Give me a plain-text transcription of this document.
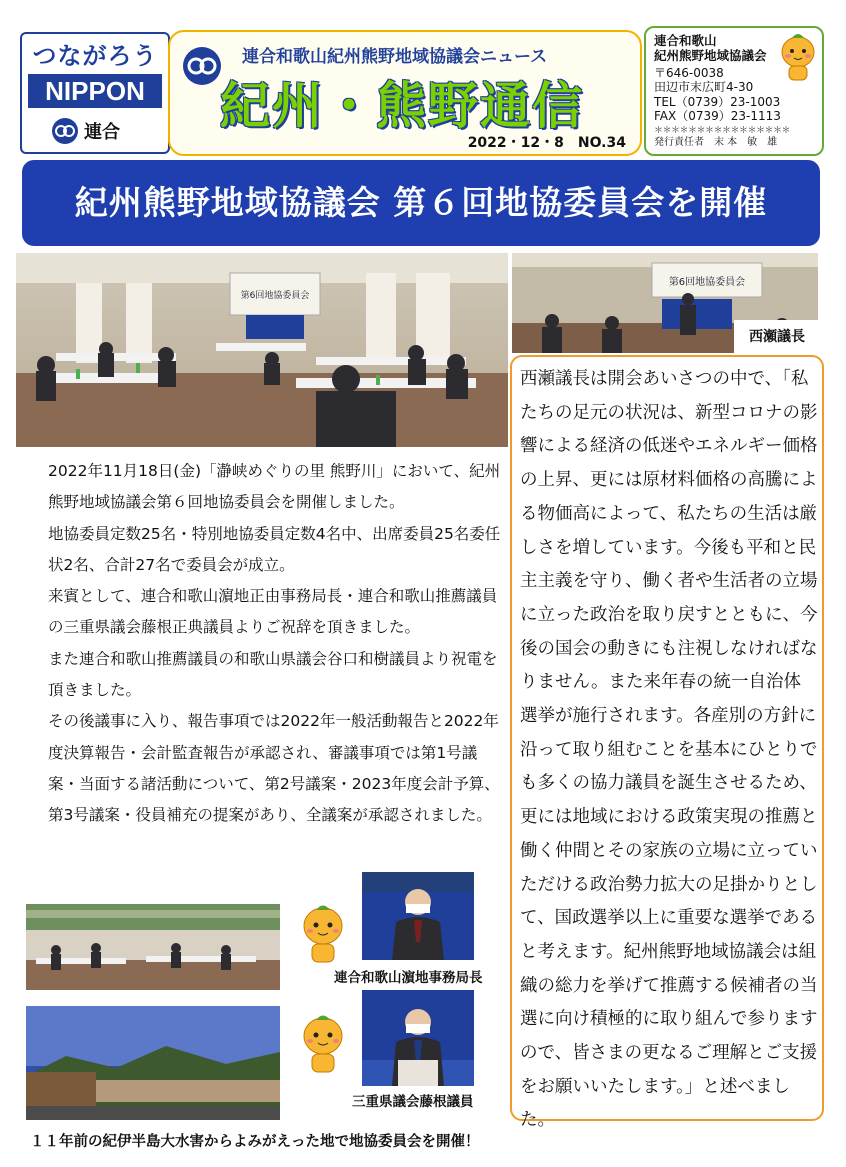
つながろう
NIPPON
連合
連合和歌山紀州熊野地域協議会ニュース
紀州・熊野通信
2022・12・8　NO.34
連合和歌山
紀州熊野地域協議会
〒646-0038
田辺市末広町4-30
TEL（0739）23-1003
FAX（0739）23-1113
＊＊＊＊＊＊＊＊＊＊＊＊＊＊＊＊
発行責任者　末 本　敏　雄
紀州熊野地域協議会 第６回地協委員会を開催
第6回地協委員会
第6回地協委員会
西瀬議長

2022年11月18日(金)「瀞峡めぐりの里 熊野川」において、紀州熊野地域協議会第６回地協委員会を開催しました。

地協委員定数25名・特別地協委員定数4名中、出席委員25名委任状2名、合計27名で委員会が成立。

来賓として、連合和歌山濵地正由事務局長・連合和歌山推薦議員の三重県議会藤根正典議員よりご祝辞を頂きました。

また連合和歌山推薦議員の和歌山県議会谷口和樹議員より祝電を頂きました。

その後議事に入り、報告事項では2022年一般活動報告と2022年度決算報告・会計監査報告が承認され、審議事項では第1号議案・当面する諸活動について、第2号議案・2023年度会計予算、第3号議案・役員補充の提案があり、全議案が承認されました。

西瀬議長は開会あいさつの中で、「私たちの足元の状況は、新型コロナの影響による経済の低迷やエネルギー価格の上昇、更には原材料価格の高騰による物価高によって、私たちの生活は厳しさを増しています。今後も平和と民主主義を守り、働く者や生活者の立場に立った政治を取り戻すとともに、今後の国会の動きにも注視しなければなりません。また来年春の統一自治体選挙が施行されます。各産別の方針に沿って取り組むことを基本にひとりでも多くの協力議員を誕生させるため、更には地域における政策実現の推薦と働く仲間とその家族の立場に立っていただける政治勢力拡大の足掛かりとして、国政選挙以上に重要な選挙であると考えます。紀州熊野地域協議会は組織の総力を挙げて推薦する候補者の当選に向け積極的に取り組んで参りますので、皆さまの更なるご理解とご支援をお願いいたします。」と述べました。
連合和歌山濵地事務局長
三重県議会藤根議員
１１年前の紀伊半島大水害からよみがえった地で地協委員会を開催！
